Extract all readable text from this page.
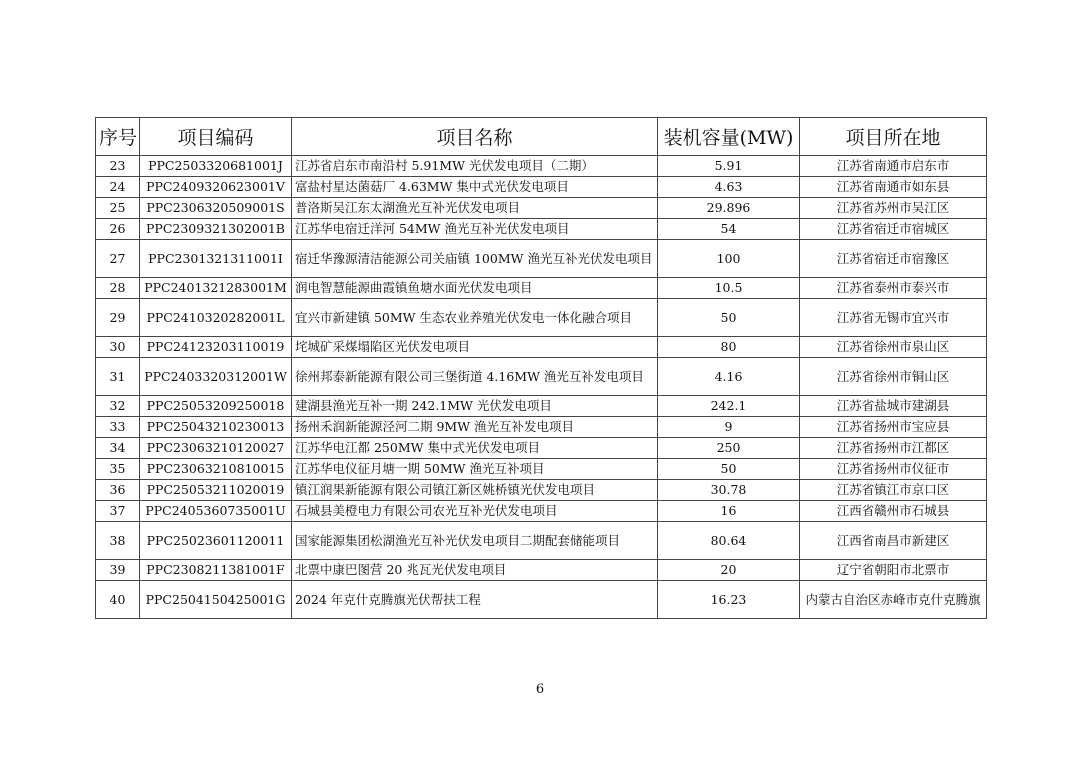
序号	项目编码	项目名称	装机容量(MW)	项目所在地
23	PPC2503320681001J	江苏省启东市南沿村 5.91MW 光伏发电项目（二期）	5.91	江苏省南通市启东市
24	PPC2409320623001V	富盐村星达菌菇厂 4.63MW 集中式光伏发电项目	4.63	江苏省南通市如东县
25	PPC2306320509001S	普洛斯吴江东太湖渔光互补光伏发电项目	29.896	江苏省苏州市吴江区
26	PPC2309321302001B	江苏华电宿迁洋河 54MW 渔光互补光伏发电项目	54	江苏省宿迁市宿城区
27	PPC2301321311001I	宿迁华豫源清洁能源公司关庙镇 100MW 渔光互补光伏发电项目	100	江苏省宿迁市宿豫区
28	PPC2401321283001M	润电智慧能源曲霞镇鱼塘水面光伏发电项目	10.5	江苏省泰州市泰兴市
29	PPC2410320282001L	宜兴市新建镇 50MW 生态农业养殖光伏发电一体化融合项目	50	江苏省无锡市宜兴市
30	PPC24123203110019	垞城矿采煤塌陷区光伏发电项目	80	江苏省徐州市泉山区
31	PPC2403320312001W	徐州邦泰新能源有限公司三堡街道 4.16MW 渔光互补发电项目	4.16	江苏省徐州市铜山区
32	PPC25053209250018	建湖县渔光互补一期 242.1MW 光伏发电项目	242.1	江苏省盐城市建湖县
33	PPC25043210230013	扬州禾润新能源泾河二期 9MW 渔光互补发电项目	9	江苏省扬州市宝应县
34	PPC23063210120027	江苏华电江都 250MW 集中式光伏发电项目	250	江苏省扬州市江都区
35	PPC23063210810015	江苏华电仪征月塘一期 50MW 渔光互补项目	50	江苏省扬州市仪征市
36	PPC25053211020019	镇江润果新能源有限公司镇江新区姚桥镇光伏发电项目	30.78	江苏省镇江市京口区
37	PPC2405360735001U	石城县美橙电力有限公司农光互补光伏发电项目	16	江西省赣州市石城县
38	PPC25023601120011	国家能源集团松湖渔光互补光伏发电项目二期配套储能项目	80.64	江西省南昌市新建区
39	PPC2308211381001F	北票中康巴图营 20 兆瓦光伏发电项目	20	辽宁省朝阳市北票市
40	PPC2504150425001G	2024 年克什克腾旗光伏帮扶工程	16.23	内蒙古自治区赤峰市克什克腾旗
6
